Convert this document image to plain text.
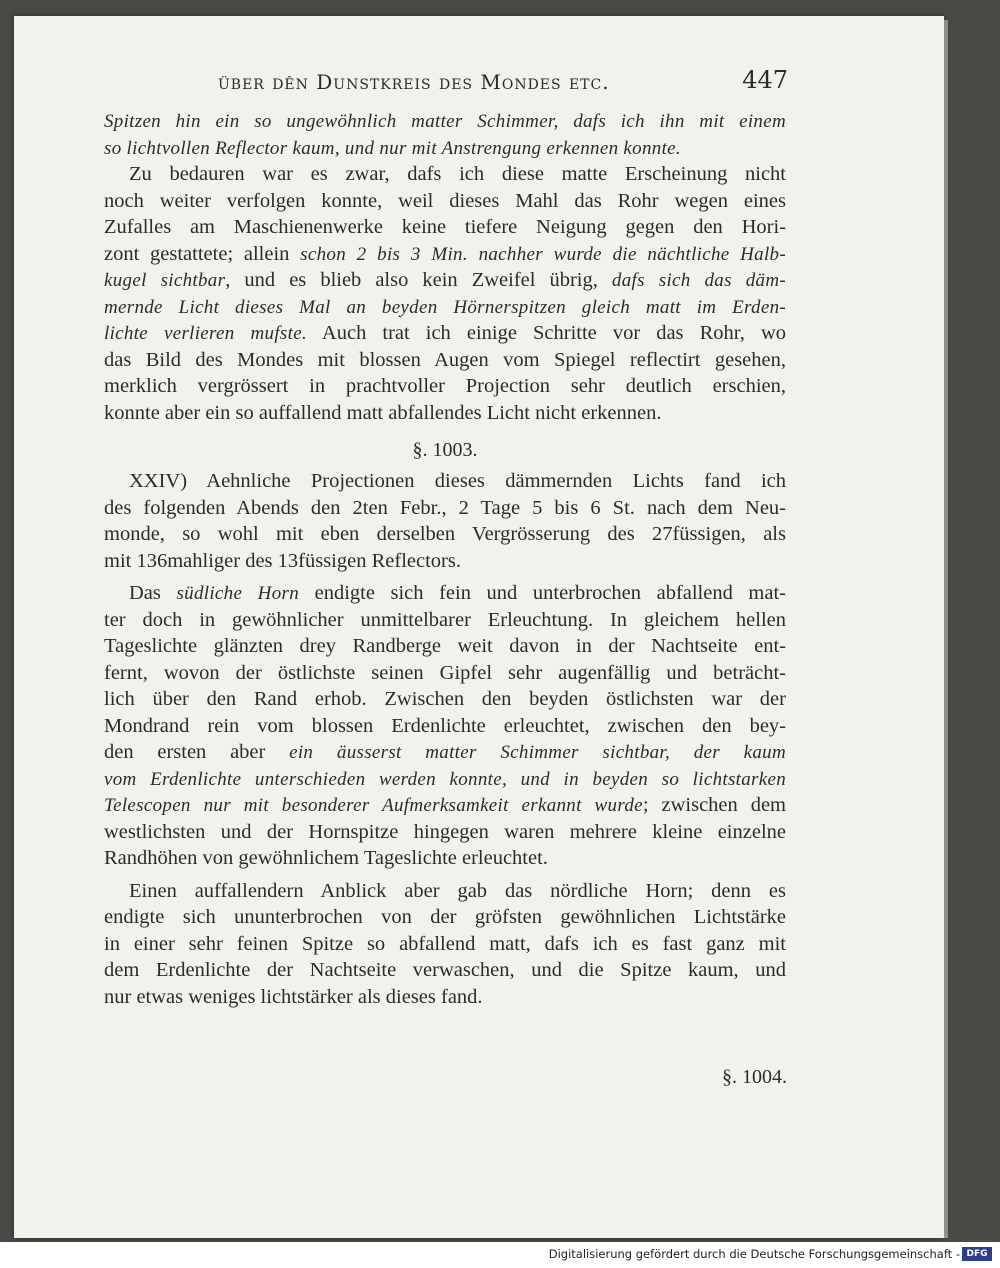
über dên Dunstkreis des Mondes etc.	447
Spitzen hin ein so ungewöhnlich matter Schimmer, dafs ich ihn mit einem
so lichtvollen Reflector kaum, und nur mit Anstrengung erkennen konnte.
Zu bedauren war es zwar, dafs ich diese matte Erscheinung nicht
noch weiter verfolgen konnte, weil dieses Mahl das Rohr wegen eines
Zufalles am Maschienenwerke keine tiefere Neigung gegen den Hori-
zont gestattete; allein schon 2 bis 3 Min. nachher wurde die nächtliche Halb-
kugel sichtbar, und es blieb also kein Zweifel übrig, dafs sich das däm-
mernde Licht dieses Mal an beyden Hörnerspitzen gleich matt im Erden-
lichte verlieren mufste. Auch trat ich einige Schritte vor das Rohr, wo
das Bild des Mondes mit blossen Augen vom Spiegel reflectirt gesehen,
merklich vergrössert in prachtvoller Projection sehr deutlich erschien,
konnte aber ein so auffallend matt abfallendes Licht nicht erkennen.
§. 1003.
XXIV) Aehnliche Projectionen dieses dämmernden Lichts fand ich
des folgenden Abends den 2ten Febr., 2 Tage 5 bis 6 St. nach dem Neu-
monde, so wohl mit eben derselben Vergrösserung des 27füssigen, als
mit 136mahliger des 13füssigen Reflectors.
Das südliche Horn endigte sich fein und unterbrochen abfallend mat-
ter doch in gewöhnlicher unmittelbarer Erleuchtung. In gleichem hellen
Tageslichte glänzten drey Randberge weit davon in der Nachtseite ent-
fernt, wovon der östlichste seinen Gipfel sehr augenfällig und beträcht-
lich über den Rand erhob. Zwischen den beyden östlichsten war der
Mondrand rein vom blossen Erdenlichte erleuchtet, zwischen den bey-
den ersten aber ein äusserst matter Schimmer sichtbar, der kaum
vom Erdenlichte unterschieden werden konnte, und in beyden so lichtstarken
Telescopen nur mit besonderer Aufmerksamkeit erkannt wurde; zwischen dem
westlichsten und der Hornspitze hingegen waren mehrere kleine einzelne
Randhöhen von gewöhnlichem Tageslichte erleuchtet.
Einen auffallendern Anblick aber gab das nördliche Horn; denn es
endigte sich ununterbrochen von der gröfsten gewöhnlichen Lichtstärke
in einer sehr feinen Spitze so abfallend matt, dafs ich es fast ganz mit
dem Erdenlichte der Nachtseite verwaschen, und die Spitze kaum, und
nur etwas weniges lichtstärker als dieses fand.
§. 1004.
Digitalisierung gefördert durch die Deutsche Forschungsgemeinschaft - DFG
